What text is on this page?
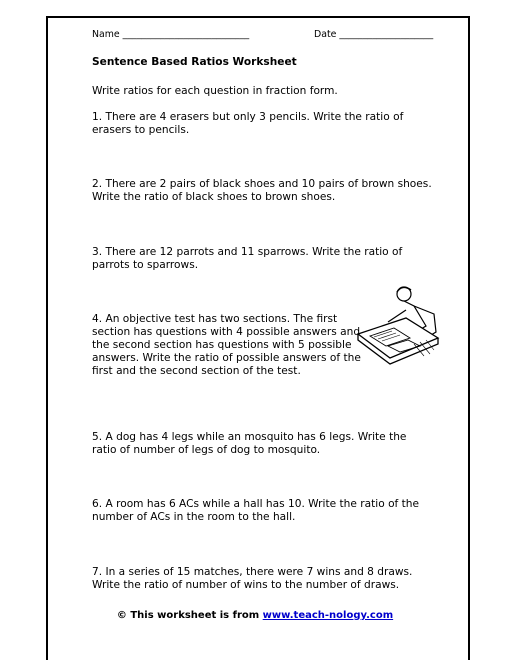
Name ___________________________	Date ____________________
Sentence Based Ratios Worksheet
Write ratios for each question in fraction form.
1. There are 4 erasers but only 3 pencils. Write the ratio of erasers to pencils.
2. There are 2 pairs of black shoes and 10 pairs of brown shoes. Write the ratio of black shoes to brown shoes.
3. There are 12 parrots and 11 sparrows. Write the ratio of parrots to sparrows.
4. An objective test has two sections. The first section has questions with 4 possible answers and the second section has questions with 5 possible answers. Write the ratio of possible answers of the first and the second section of the test.
5. A dog has 4 legs while an mosquito has 6 legs. Write the ratio of number of legs of dog to mosquito.
6. A room has 6 ACs while a hall has 10. Write the ratio of the number of ACs in the room to the hall.
7. In a series of 15 matches, there were 7 wins and 8 draws. Write the ratio of number of wins to the number of draws.
© This worksheet is from www.teach-nology.com
